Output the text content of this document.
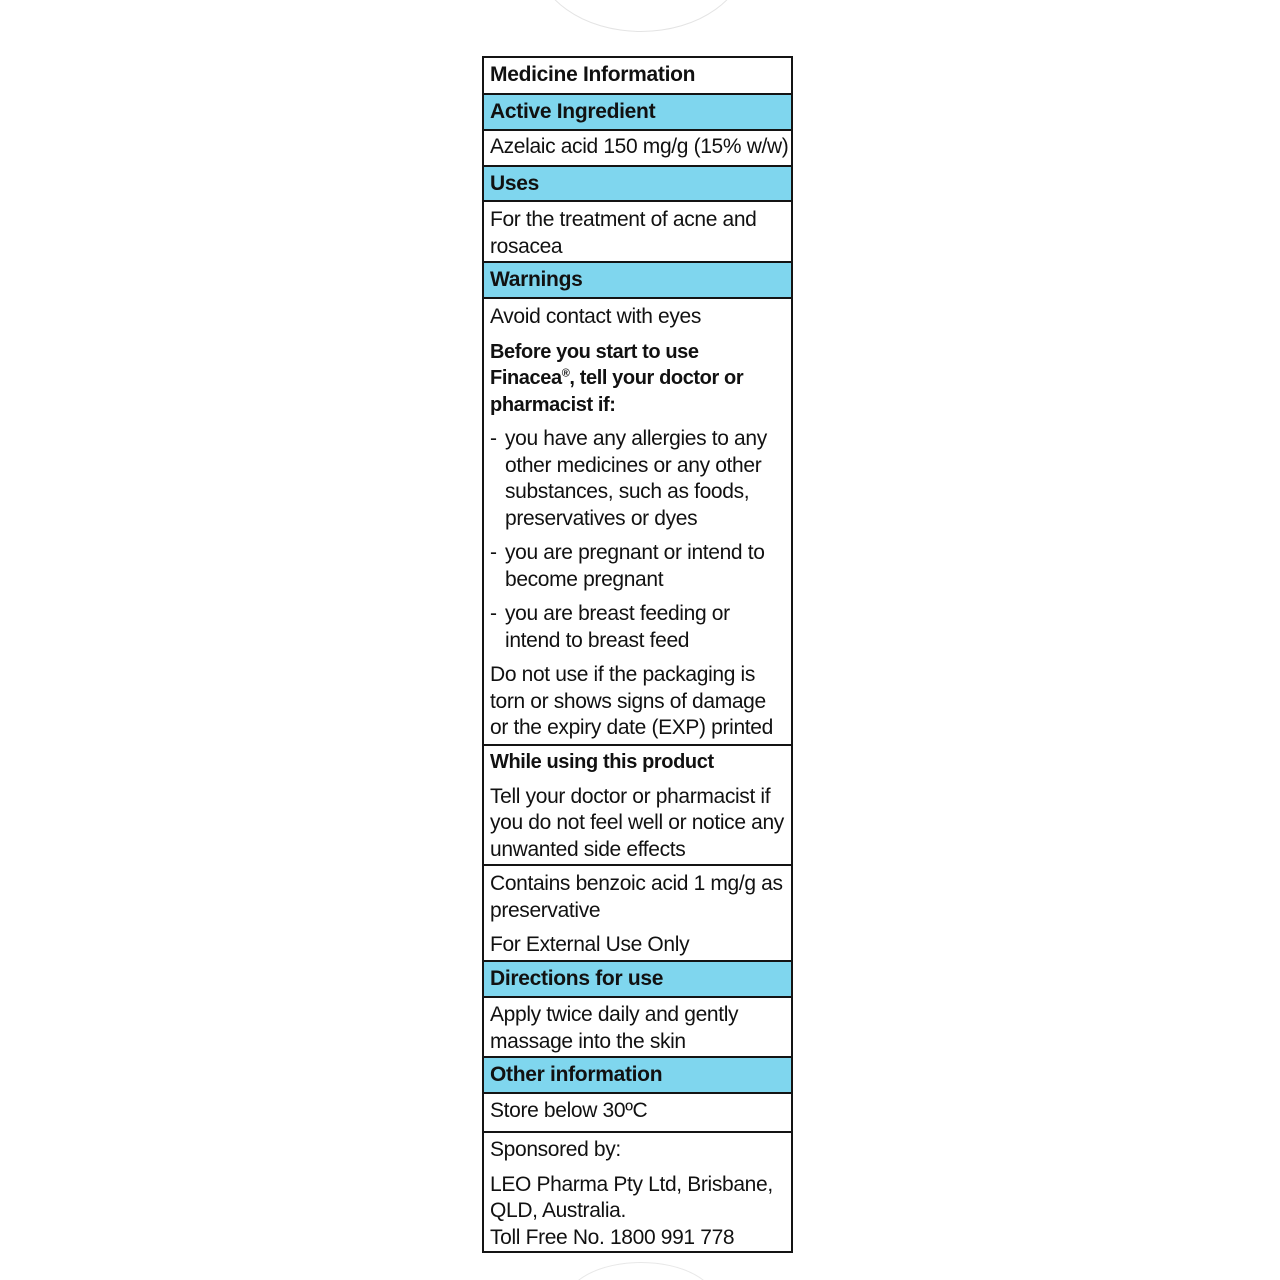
Medicine Information
Active Ingredient
Azelaic acid 150 mg/g (15% w/w)
Uses
For the treatment of acne and rosacea
Warnings
Avoid contact with eyes
Before you start to use Finacea®, tell your doctor or pharmacist if:
- you have any allergies to any other medicines or any other substances, such as foods, preservatives or dyes
- you are pregnant or intend to become pregnant
- you are breast feeding or intend to breast feed
Do not use if the packaging is torn or shows signs of damage or the expiry date (EXP) printed
While using this product
Tell your doctor or pharmacist if you do not feel well or notice any unwanted side effects
Contains benzoic acid 1 mg/g as preservative
For External Use Only
Directions for use
Apply twice daily and gently massage into the skin
Other information
Store below 30ºC
Sponsored by:
LEO Pharma Pty Ltd, Brisbane, QLD, Australia.
Toll Free No. 1800 991 778
